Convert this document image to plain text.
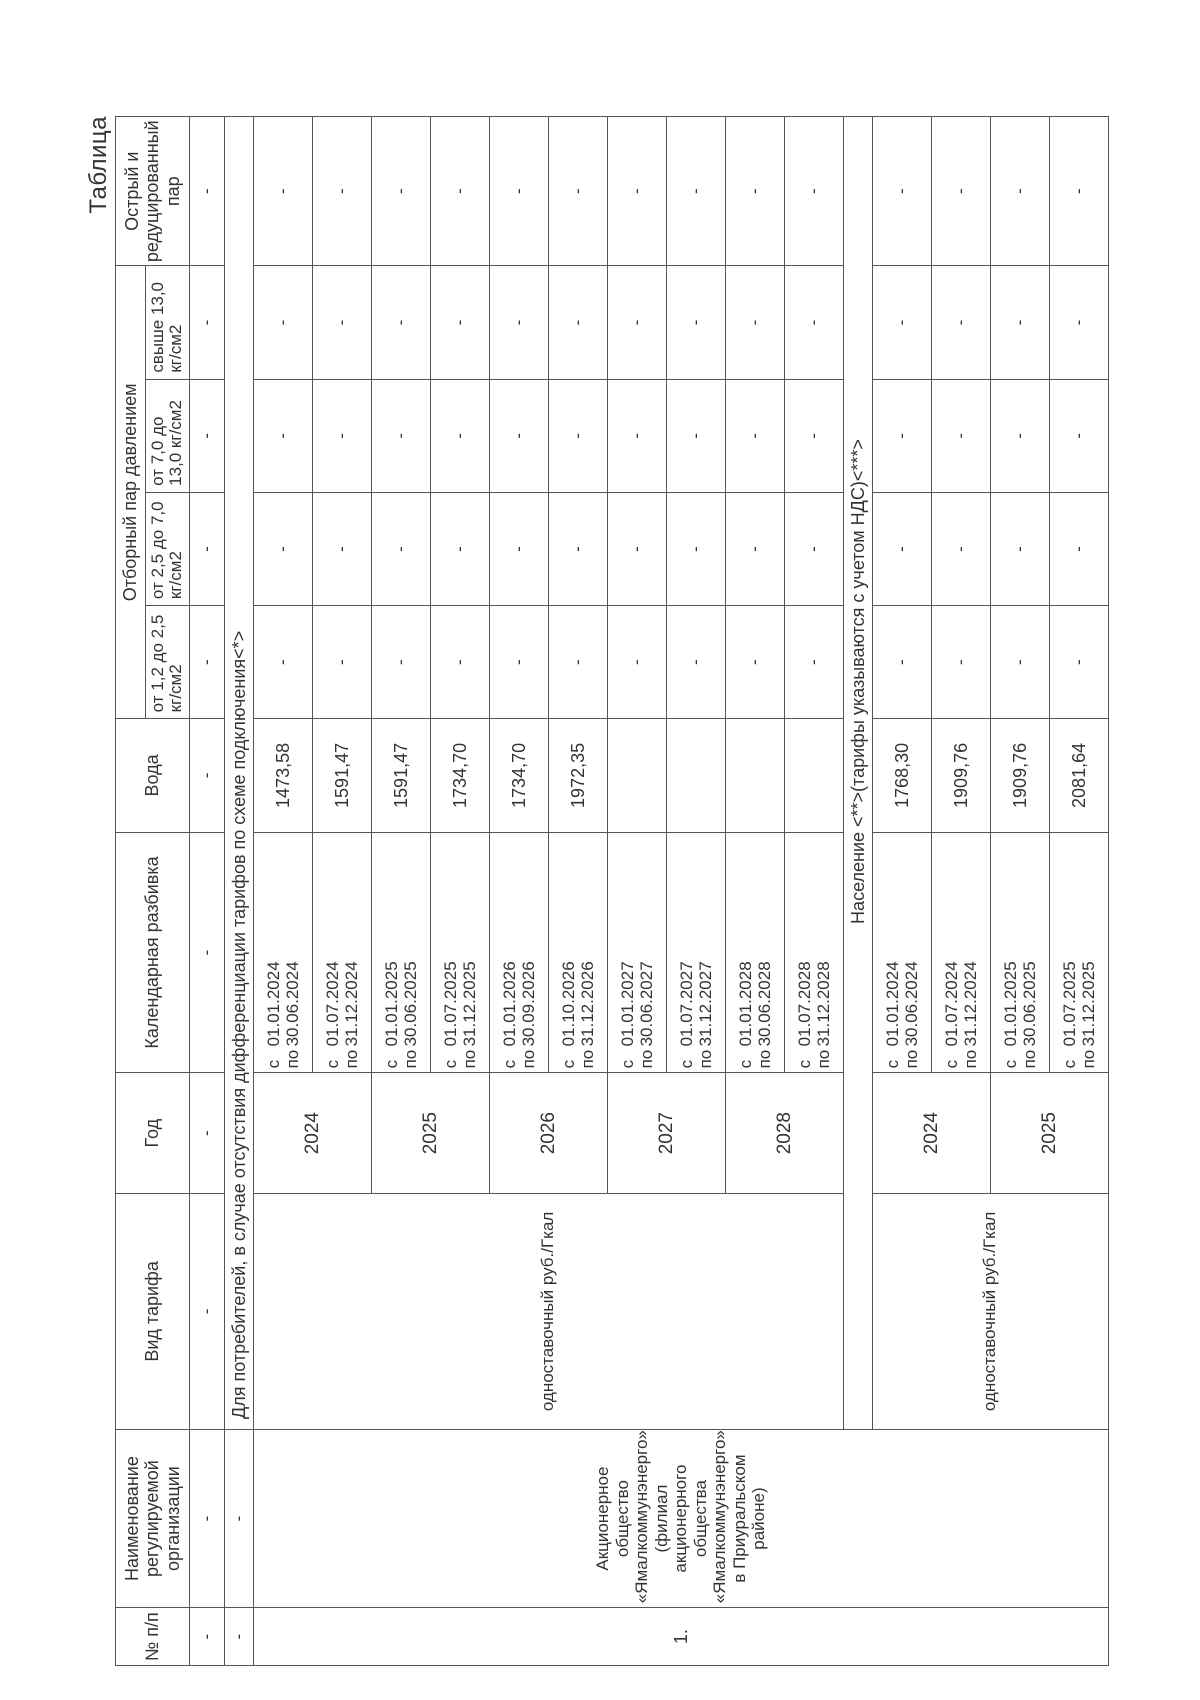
Таблица
№ п/п	Наименование регулируемой организации	Вид тарифа	Год	Календарная разбивка	Вода	Отборный пар давлением				Острый и редуцированный пар
						от 1,2 до 2,5 кг/см2	от 2,5 до 7,0 кг/см2	от 7,0 до 13,0 кг/см2	свыше 13,0 кг/см2	
-	-	-	-	-	-	-	-	-	-	-
-	-	Для потребителей, в случае отсутствия дифференциации тарифов по схеме подключения<*>								
1.	Акционерное общество «Ямалкоммунэнерго» (филиал акционерного общества «Ямалкоммунэнерго» в Приуральском районе)	одноставочный руб./Гкал	2024	с01.01.2024
по30.06.2024	1473,58	-	-	-	-	-

				с01.07.2024
по31.12.2024	1591,47	-	-	-	-	-
			2025	с01.01.2025
по30.06.2025	1591,47	-	-	-	-	-

				с01.07.2025
по31.12.2025	1734,70	-	-	-	-	-
			2026	с01.01.2026
по30.09.2026	1734,70	-	-	-	-	-

				с01.10.2026
по31.12.2026	1972,35	-	-	-	-	-
			2027	с01.01.2027
по30.06.2027		-	-	-	-	-

				с01.07.2027
по31.12.2027		-	-	-	-	-
			2028	с01.01.2028
по30.06.2028		-	-	-	-	-

				с01.07.2028
по31.12.2028		-	-	-	-	-
		Население <**>(тарифы указываются с учетом НДС)<***>								
		одноставочный руб./Гкал	2024	с01.01.2024
по30.06.2024	1768,30	-	-	-	-	-

				с01.07.2024
по31.12.2024	1909,76	-	-	-	-	-
			2025	с01.01.2025
по30.06.2025	1909,76	-	-	-	-	-

				с01.07.2025
по31.12.2025	2081,64	-	-	-	-	-
